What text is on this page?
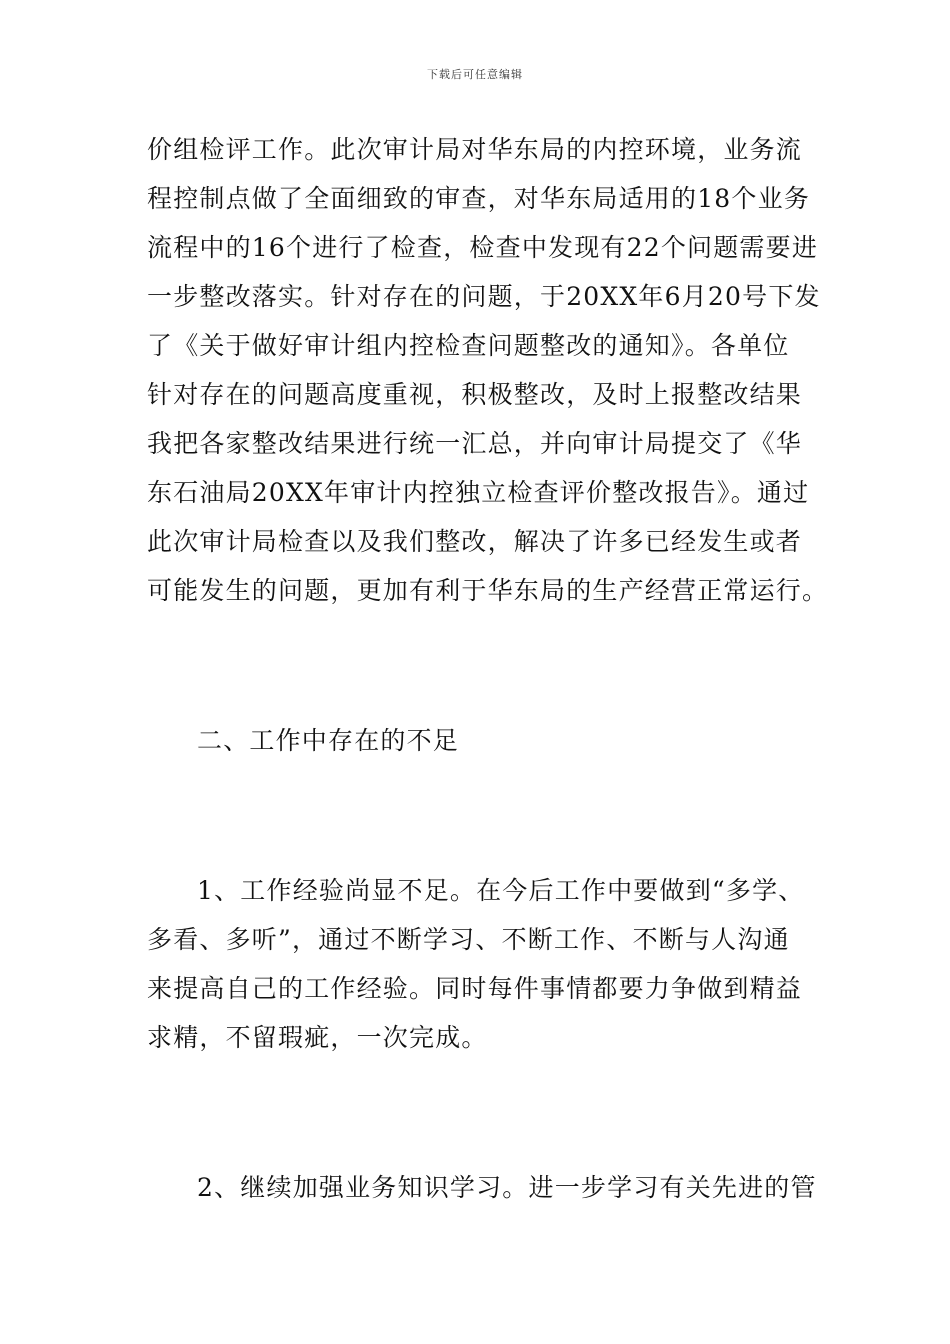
下载后可任意编辑
价组检评工作。此次审计局对华东局的内控环境，业务流
程控制点做了全面细致的审查，对华东局适用的18个业务
流程中的16个进行了检查，检查中发现有22个问题需要进
一步整改落实。针对存在的问题，于20XX年6月20号下发
了《关于做好审计组内控检查问题整改的通知》。各单位
针对存在的问题高度重视，积极整改，及时上报整改结果
我把各家整改结果进行统一汇总，并向审计局提交了《华
东石油局20XX年审计内控独立检查评价整改报告》。通过
此次审计局检查以及我们整改，解决了许多已经发生或者
可能发生的问题，更加有利于华东局的生产经营正常运行。
二、工作中存在的不足
1、工作经验尚显不足。在今后工作中要做到“多学、
多看、多听”，通过不断学习、不断工作、不断与人沟通
来提高自己的工作经验。同时每件事情都要力争做到精益
求精，不留瑕疵，一次完成。
2、继续加强业务知识学习。进一步学习有关先进的管
